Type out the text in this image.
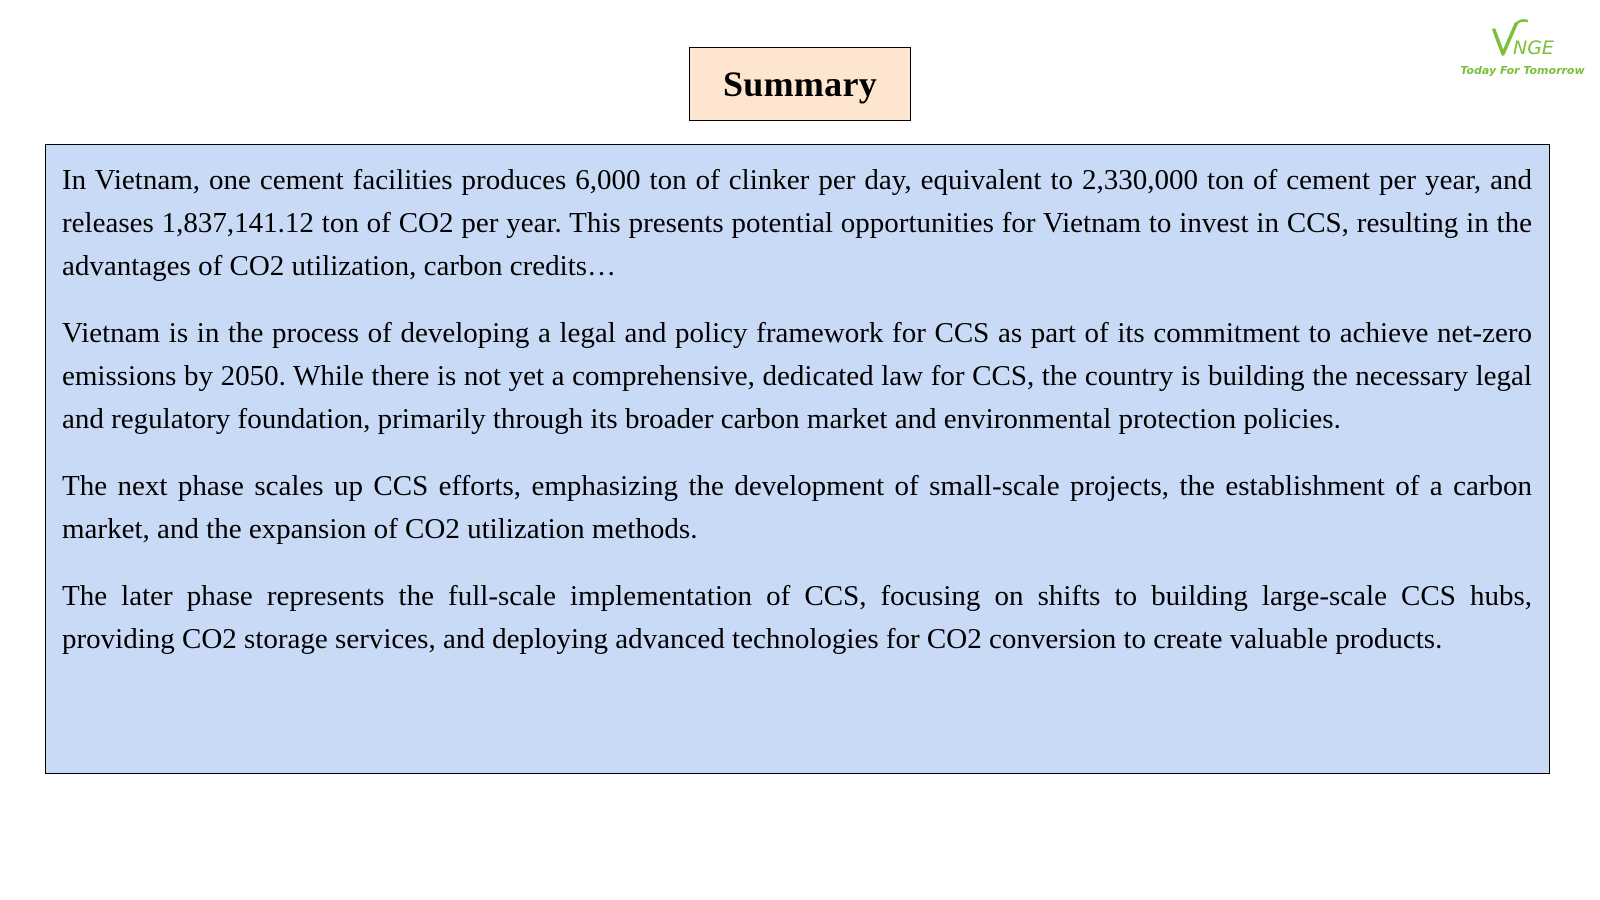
Summary
NGE
Today For Tomorrow

In Vietnam, one cement facilities produces 6,000 ton of clinker per day, equivalent to 2,330,000 ton of cement per year, and releases 1,837,141.12 ton of CO2 per year. This presents potential opportunities for Vietnam to invest in CCS, resulting in the advantages of CO2 utilization, carbon credits…

Vietnam is in the process of developing a legal and policy framework for CCS as part of its commitment to achieve net-zero emissions by 2050. While there is not yet a comprehensive, dedicated law for CCS, the country is building the necessary legal and regulatory foundation, primarily through its broader carbon market and environmental protection policies.

The next phase scales up CCS efforts, emphasizing the development of small-scale projects, the establishment of a carbon market, and the expansion of CO2 utilization methods.

The later phase represents the full-scale implementation of CCS, focusing on shifts to building large-scale CCS hubs, providing CO2 storage services, and deploying advanced technologies for CO2 conversion to create valuable products.
